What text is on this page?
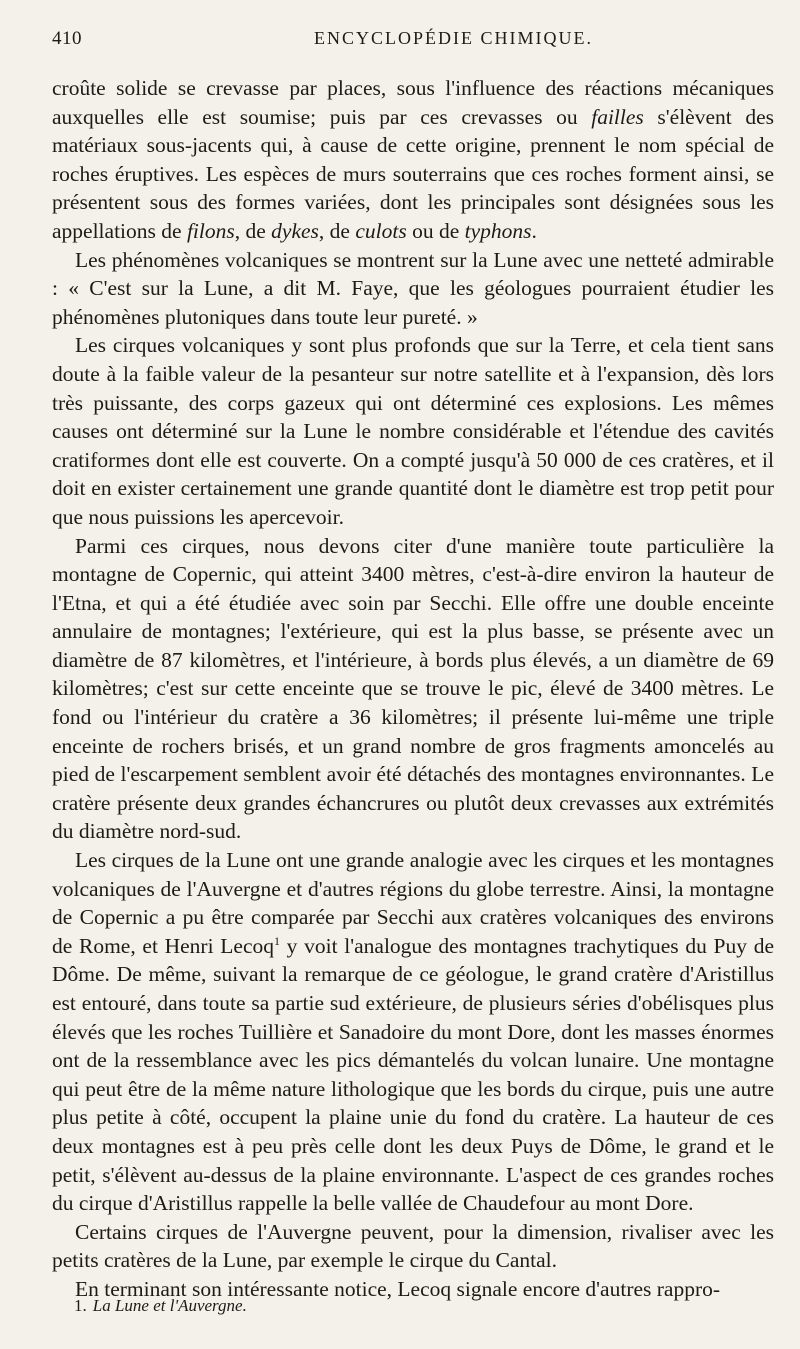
410	ENCYCLOPÉDIE CHIMIQUE.

croûte solide se crevasse par places, sous l'influence des réactions mécaniques auxquelles elle est soumise; puis par ces crevasses ou failles s'élèvent des matériaux sous-jacents qui, à cause de cette origine, prennent le nom spécial de roches éruptives. Les espèces de murs souterrains que ces roches forment ainsi, se présentent sous des formes variées, dont les principales sont désignées sous les appellations de filons, de dykes, de culots ou de typhons.

Les phénomènes volcaniques se montrent sur la Lune avec une netteté admirable : « C'est sur la Lune, a dit M. Faye, que les géologues pourraient étudier les phénomènes plutoniques dans toute leur pureté. »

Les cirques volcaniques y sont plus profonds que sur la Terre, et cela tient sans doute à la faible valeur de la pesanteur sur notre satellite et à l'expansion, dès lors très puissante, des corps gazeux qui ont déterminé ces explosions. Les mêmes causes ont déterminé sur la Lune le nombre considérable et l'étendue des cavités cratiformes dont elle est couverte. On a compté jusqu'à 50 000 de ces cratères, et il doit en exister certainement une grande quantité dont le diamètre est trop petit pour que nous puissions les apercevoir.

Parmi ces cirques, nous devons citer d'une manière toute particulière la montagne de Copernic, qui atteint 3400 mètres, c'est-à-dire environ la hauteur de l'Etna, et qui a été étudiée avec soin par Secchi. Elle offre une double enceinte annulaire de montagnes; l'extérieure, qui est la plus basse, se présente avec un diamètre de 87 kilomètres, et l'intérieure, à bords plus élevés, a un diamètre de 69 kilomètres; c'est sur cette enceinte que se trouve le pic, élevé de 3400 mètres. Le fond ou l'intérieur du cratère a 36 kilomètres; il présente lui-même une triple enceinte de rochers brisés, et un grand nombre de gros fragments amoncelés au pied de l'escarpement semblent avoir été détachés des montagnes environnantes. Le cratère présente deux grandes échancrures ou plutôt deux crevasses aux extrémités du diamètre nord-sud.

Les cirques de la Lune ont une grande analogie avec les cirques et les montagnes volcaniques de l'Auvergne et d'autres régions du globe terrestre. Ainsi, la montagne de Copernic a pu être comparée par Secchi aux cratères volcaniques des environs de Rome, et Henri Lecoq$^1$ y voit l'analogue des montagnes trachytiques du Puy de Dôme. De même, suivant la remarque de ce géologue, le grand cratère d'Aristillus est entouré, dans toute sa partie sud extérieure, de plusieurs séries d'obélisques plus élevés que les roches Tuillière et Sanadoire du mont Dore, dont les masses énormes ont de la ressemblance avec les pics démantelés du volcan lunaire. Une montagne qui peut être de la même nature lithologique que les bords du cirque, puis une autre plus petite à côté, occupent la plaine unie du fond du cratère. La hauteur de ces deux montagnes est à peu près celle dont les deux Puys de Dôme, le grand et le petit, s'élèvent au-dessus de la plaine environnante. L'aspect de ces grandes roches du cirque d'Aristillus rappelle la belle vallée de Chaudefour au mont Dore.

Certains cirques de l'Auvergne peuvent, pour la dimension, rivaliser avec les petits cratères de la Lune, par exemple le cirque du Cantal.

En terminant son intéressante notice, Lecoq signale encore d'autres rappro-

1. La Lune et l'Auvergne.
